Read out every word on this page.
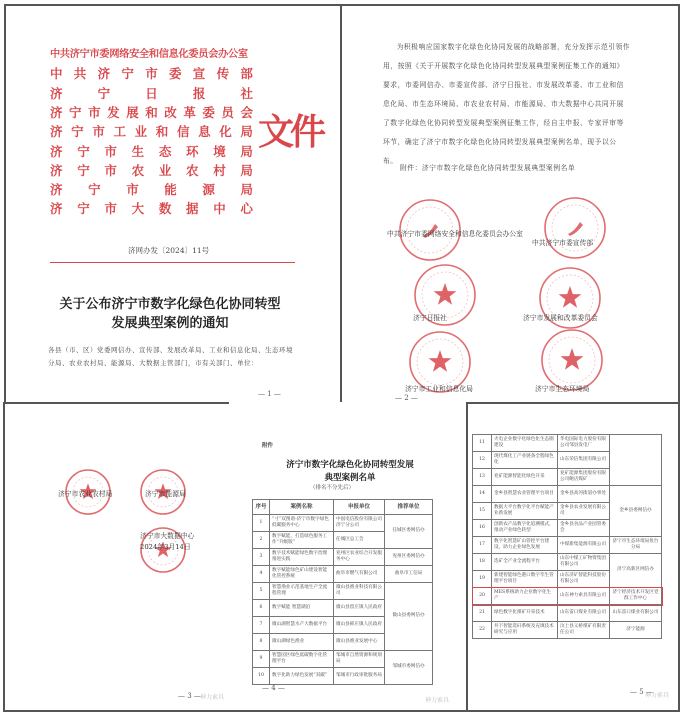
中共济宁市委网络安全和信息化委员会办公室
中 共 济 宁 市 委 宣 传 部
济	宁	日	报	社
济 宁 市 发 展 和 改 革 委 员 会
济 宁 市 工 业 和 信 息 化 局
济 宁 市 生 态 环 境 局
济 宁 市 农 业 农 村 局
济 宁 市 能 源 局
济 宁 市 大 数 据 中 心
文件
济网办发〔2024〕11号
关于公布济宁市数字化绿色化协同转型
发展典型案例的通知
各县（市、区）党委网信办、宣传部、发展改革局、工业和信息化局、生态环境分局、农业农村局、能源局、大数据主管部门，市有关部门、单位：
— 1 —
为积极响应国家数字化绿色化协同发展的战略部署，充分发挥示范引领作用，按照《关于开展数字化绿色化协同转型发展典型案例征集工作的通知》要求，市委网信办、市委宣传部、济宁日报社、市发展改革委、市工业和信息化局、市生态环境局、市农业农村局、市能源局、市大数据中心共同开展了数字化绿色化协同转型发展典型案例征集工作，经自主申报、专家评审等环节，确定了济宁市数字化绿色化协同转型发展典型案例名单，现予以公布。
附件：济宁市数字化绿色化协同转型发展典型案例名单
中共济宁市委网络安全和信息化委员会办公室
中共济宁市委宣传部
济宁日报社	济宁市发展和改革委员会
济宁市工业和信息化局	济宁市生态环境局
— 2 —
济宁市农业农村局	济宁市能源局
济宁市大数据中心
2024年3月14日
— 3 — 神力索具
附件
济宁市数字化绿色化协同转型发展
典型案例名单
（排名不分先后）
序号	案例名称	申报单位	推荐单位
1	“寸”双图谱-济宁市数字绿色低碳服务中心	中国电信股份有限公司济宁分公司	任城区委网信办
2	数字赋能，打造绿色服务工作“升级版”	任城区总工会	
3	数字技术赋能绿色数字治理推进实践	兖州区农业综合开发服务中心	兖州区委网信办
4	数字赋能绿色矿山建设智能化管控系统	曲阜市燃气有限公司	曲阜市工信局
5	智慧渔业示范基地生产全流程管理	微山县渔业科技有限公司	微山县委网信办
6	数字赋能 智慧湖泊	微山县留庄镇人民政府	
7	微山湖智慧水产大数据平台	微山县韩庄镇人民政府	
8	微山湖绿色渔业	微山县渔业发展中心	
9	智慧园区绿色低碳数字化管理平台	邹城市自然资源和规划局	邹城市委网信办
10	数字化助力绿色发展“双碳”	邹城市行政审批服务局	
— 4 —
神力索具
11	火电企业数字化绿色化生态圈建设	华电国际电力股份有限公司邹县发电厂	
12	现代煤化工产业链条全程绿色化	山东荣信集团有限公司	
13	兖矿能源智能化绿色开采	兖矿能源集团股份有限公司鲍店煤矿	
14	金乡县智慧农业管理平台项目	金乡县高河街道办事处	金乡县委网信办
15	数据大平台数字化平台赋能产业新发展	金乡县农业发展有限公司	
16	创新农产品数字化追溯模式，推动产业绿色转型	金乡县食品产业园管委会	
17	数字化智慧矿山管控平台建设，助力企业绿色发展	中煤新集能源有限公司	济宁市生态环境局鱼台分局
18	选矿全产业全流程平台	山东中煤工矿物资集团有限公司	济宁高新区网信办
19	新建智能绿色港口数字孪生管理平台项目	山东济矿智能科技股份有限公司	
20	MES系统助力企业数字化生产	山东神力索具有限公司	济宁经济技术开发区党群工作中心
21	绿色数字化煤矿开采技术	山东雷口煤业有限公司	山东雷口煤业有限公司
22	井下智能选矸系统及充填技术研究与应用	汶上县义桥煤矿有限责任公司	济宁能源
— 5 —
神力索具
